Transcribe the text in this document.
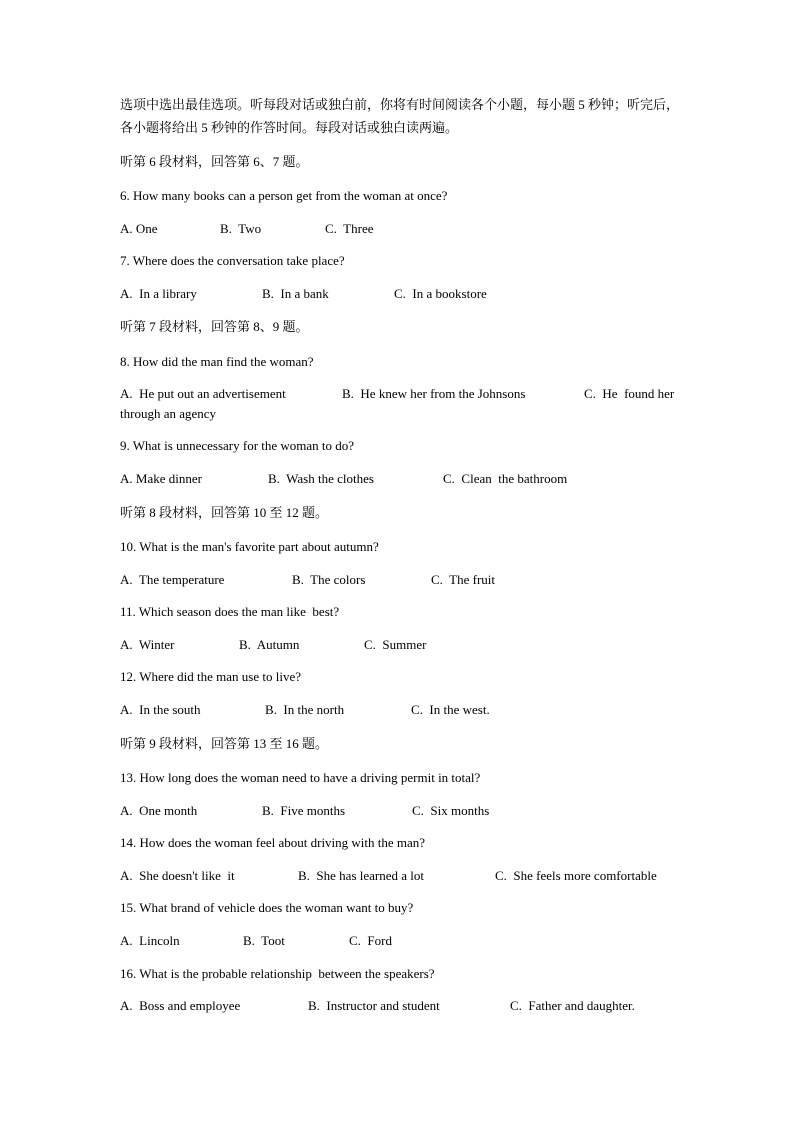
选项中选出最佳选项。听每段对话或独白前，你将有时间阅读各个小题，每小题 5 秒钟；听完后，各小题将给出 5 秒钟的作答时间。每段对话或独白读两遍。
听第 6 段材料，回答第 6、7 题。
6. How many books can a person get from the woman at once?
A. One	B.  Two	C.  Three
7. Where does the conversation take place?
A.  In a library	B.  In a bank	C.  In a bookstore
听第 7 段材料，回答第 8、9 题。
8. How did the man find the woman?
A.  He put out an advertisement	B.  He knew her from the Johnsons	C.  He  found her
through an agency
9. What is unnecessary for the woman to do?
A. Make dinner	B.  Wash the clothes	C.  Clean  the bathroom
听第 8 段材料，回答第 10 至 12 题。
10. What is the man's favorite part about autumn?
A.  The temperature	B.  The colors	C.  The fruit
11. Which season does the man like  best?
A.  Winter	B.  Autumn	C.  Summer
12. Where did the man use to live?
A.  In the south	B.  In the north	C.  In the west.
听第 9 段材料，回答第 13 至 16 题。
13. How long does the woman need to have a driving permit in total?
A.  One month	B.  Five months	C.  Six months
14. How does the woman feel about driving with the man?
A.  She doesn't like  it	B.  She has learned a lot	C.  She feels more comfortable
15. What brand of vehicle does the woman want to buy?
A.  Lincoln	B.  Toot	C.  Ford
16. What is the probable relationship  between the speakers?
A.  Boss and employee	B.  Instructor and student	C.  Father and daughter.
